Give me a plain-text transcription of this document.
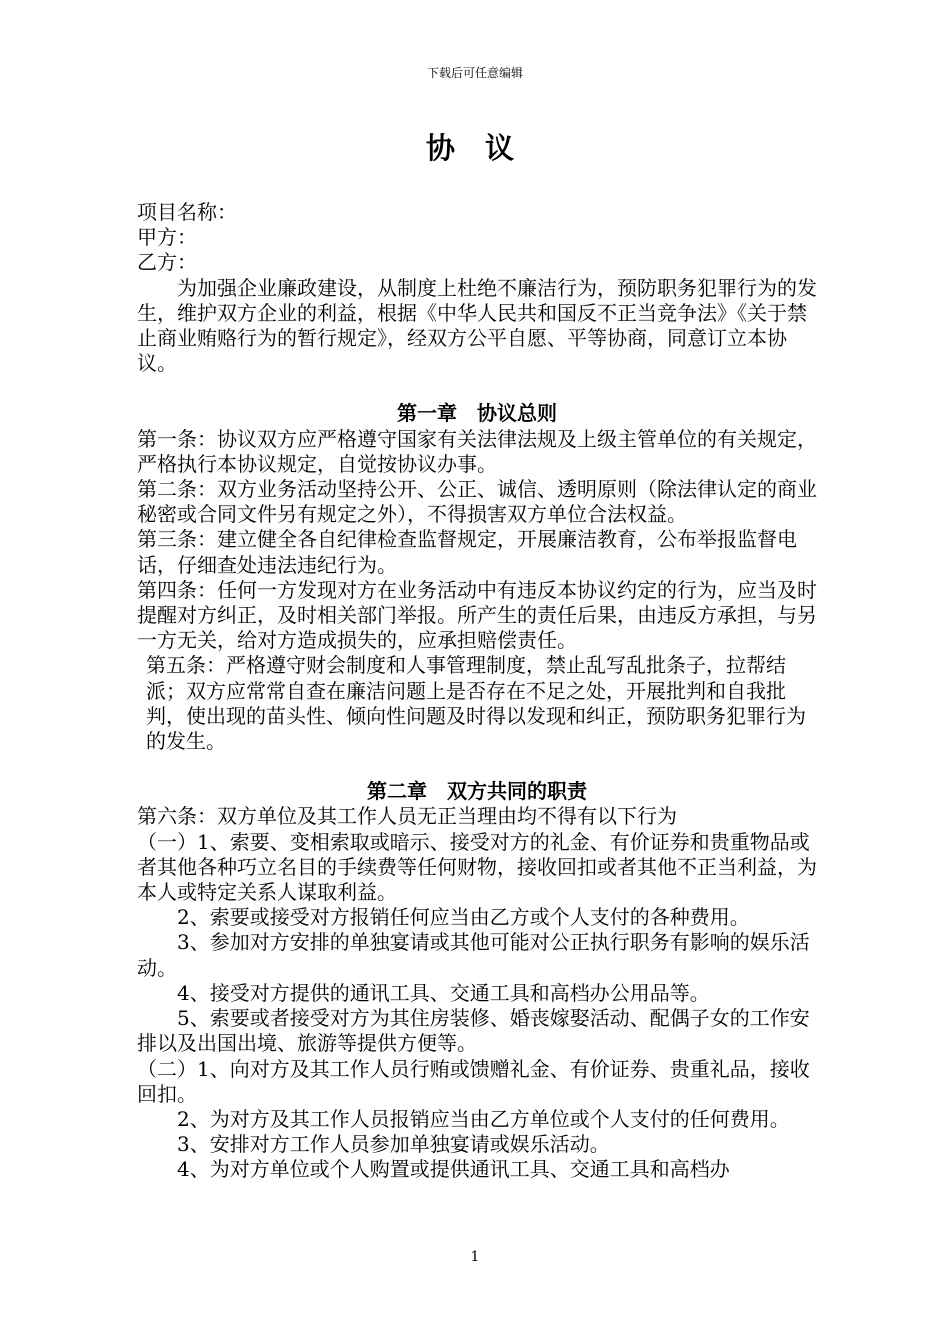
下载后可任意编辑
协 议

项目名称：

甲方：

乙方：

为加强企业廉政建设，从制度上杜绝不廉洁行为，预防职务犯罪行为的发生，维护双方企业的利益，根据《中华人民共和国反不正当竞争法》《关于禁止商业贿赂行为的暂行规定》，经双方公平自愿、平等协商，同意订立本协议。

第一章　协议总则

第一条：协议双方应严格遵守国家有关法律法规及上级主管单位的有关规定，严格执行本协议规定，自觉按协议办事。

第二条：双方业务活动坚持公开、公正、诚信、透明原则（除法律认定的商业秘密或合同文件另有规定之外），不得损害双方单位合法权益。

第三条：建立健全各自纪律检查监督规定，开展廉洁教育，公布举报监督电话，仔细查处违法违纪行为。

第四条：任何一方发现对方在业务活动中有违反本协议约定的行为，应当及时提醒对方纠正，及时相关部门举报。所产生的责任后果，由违反方承担，与另一方无关，给对方造成损失的，应承担赔偿责任。

第五条：严格遵守财会制度和人事管理制度，禁止乱写乱批条子，拉帮结派；双方应常常自查在廉洁问题上是否存在不足之处，开展批判和自我批判，使出现的苗头性、倾向性问题及时得以发现和纠正，预防职务犯罪行为的发生。

第二章　双方共同的职责

第六条：双方单位及其工作人员无正当理由均不得有以下行为

（一）1、索要、变相索取或暗示、接受对方的礼金、有价证券和贵重物品或者其他各种巧立名目的手续费等任何财物，接收回扣或者其他不正当利益，为本人或特定关系人谋取利益。

2、索要或接受对方报销任何应当由乙方或个人支付的各种费用。

3、参加对方安排的单独宴请或其他可能对公正执行职务有影响的娱乐活动。

4、接受对方提供的通讯工具、交通工具和高档办公用品等。

5、索要或者接受对方为其住房装修、婚丧嫁娶活动、配偶子女的工作安排以及出国出境、旅游等提供方便等。

（二）1、向对方及其工作人员行贿或馈赠礼金、有价证券、贵重礼品，接收回扣。

2、为对方及其工作人员报销应当由乙方单位或个人支付的任何费用。

3、安排对方工作人员参加单独宴请或娱乐活动。

4、为对方单位或个人购置或提供通讯工具、交通工具和高档办

1
